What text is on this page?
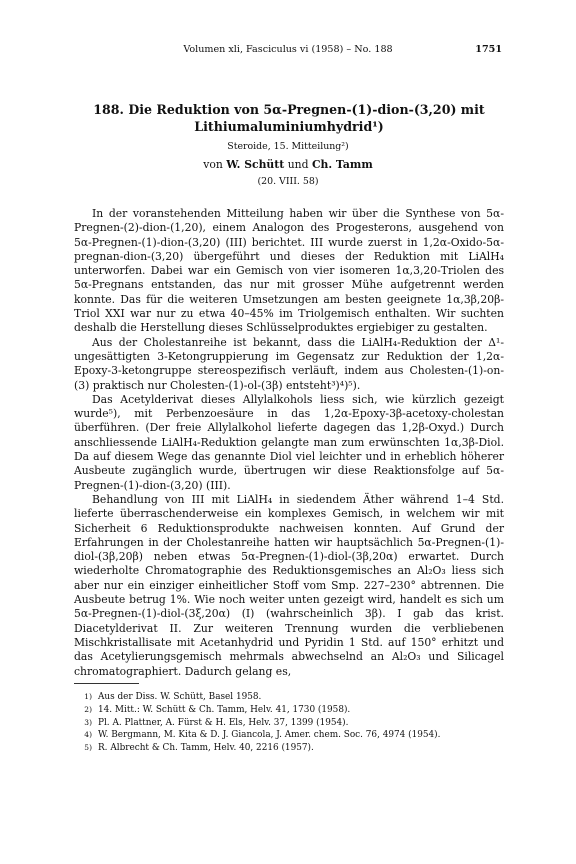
Volumen xli, Fasciculus vi (1958) – No. 188	1751
188. Die Reduktion von 5α-Pregnen-(1)-dion-(3,20) mit Lithiumaluminiumhydrid¹)
Steroide, 15. Mitteilung²)
von W. Schütt und Ch. Tamm
(20. VIII. 58)

In der voranstehenden Mitteilung haben wir über die Synthese von 5α-Pregnen-(2)-dion-(1,20), einem Analogon des Progesterons, ausgehend von 5α-Pregnen-(1)-dion-(3,20) (III) berichtet. III wurde zuerst in 1,2α-Oxido-5α-pregnan-dion-(3,20) übergeführt und dieses der Reduktion mit LiAlH₄ unterworfen. Dabei war ein Gemisch von vier isomeren 1α,3,20-Triolen des 5α-Pregnans entstanden, das nur mit grosser Mühe aufgetrennt werden konnte. Das für die weiteren Umsetzungen am besten geeignete 1α,3β,20β-Triol XXI war nur zu etwa 40–45% im Triolgemisch enthalten. Wir suchten deshalb die Herstellung dieses Schlüsselproduktes ergiebiger zu gestalten.

Aus der Cholestanreihe ist bekannt, dass die LiAlH₄-Reduktion der Δ¹-ungesättigten 3-Ketongruppierung im Gegensatz zur Reduktion der 1,2α-Epoxy-3-ketongruppe stereospezifisch verläuft, indem aus Cholesten-(1)-on-(3) praktisch nur Cholesten-(1)-ol-(3β) entsteht³)⁴)⁵).

Das Acetylderivat dieses Allylalkohols liess sich, wie kürzlich gezeigt wurde⁵), mit Perbenzoesäure in das 1,2α-Epoxy-3β-acetoxy-cholestan überführen. (Der freie Allylalkohol lieferte dagegen das 1,2β-Oxyd.) Durch anschliessende LiAlH₄-Reduktion gelangte man zum erwünschten 1α,3β-Diol. Da auf diesem Wege das genannte Diol viel leichter und in erheblich höherer Ausbeute zugänglich wurde, übertrugen wir diese Reaktionsfolge auf 5α-Pregnen-(1)-dion-(3,20) (III).

Behandlung von III mit LiAlH₄ in siedendem Äther während 1–4 Std. lieferte überraschenderweise ein komplexes Gemisch, in welchem wir mit Sicherheit 6 Reduktionsprodukte nachweisen konnten. Auf Grund der Erfahrungen in der Cholestanreihe hatten wir hauptsächlich 5α-Pregnen-(1)-diol-(3β,20β) neben etwas 5α-Pregnen-(1)-diol-(3β,20α) erwartet. Durch wiederholte Chromatographie des Reduktionsgemisches an Al₂O₃ liess sich aber nur ein einziger einheitlicher Stoff vom Smp. 227–230° abtrennen. Die Ausbeute betrug 1%. Wie noch weiter unten gezeigt wird, handelt es sich um 5α-Pregnen-(1)-diol-(3ξ,20α) (I) (wahrscheinlich 3β). I gab das krist. Diacetylderivat II. Zur weiteren Trennung wurden die verbliebenen Mischkristallisate mit Acetanhydrid und Pyridin 1 Std. auf 150° erhitzt und das Acetylierungsgemisch mehrmals abwechselnd an Al₂O₃ und Silicagel chromatographiert. Dadurch gelang es,

1) Aus der Diss. W. Schütt, Basel 1958.
2) 14. Mitt.: W. Schütt & Ch. Tamm, Helv. 41, 1730 (1958).
3) Pl. A. Plattner, A. Fürst & H. Els, Helv. 37, 1399 (1954).
4) W. Bergmann, M. Kita & D. J. Giancola, J. Amer. chem. Soc. 76, 4974 (1954).
5) R. Albrecht & Ch. Tamm, Helv. 40, 2216 (1957).
